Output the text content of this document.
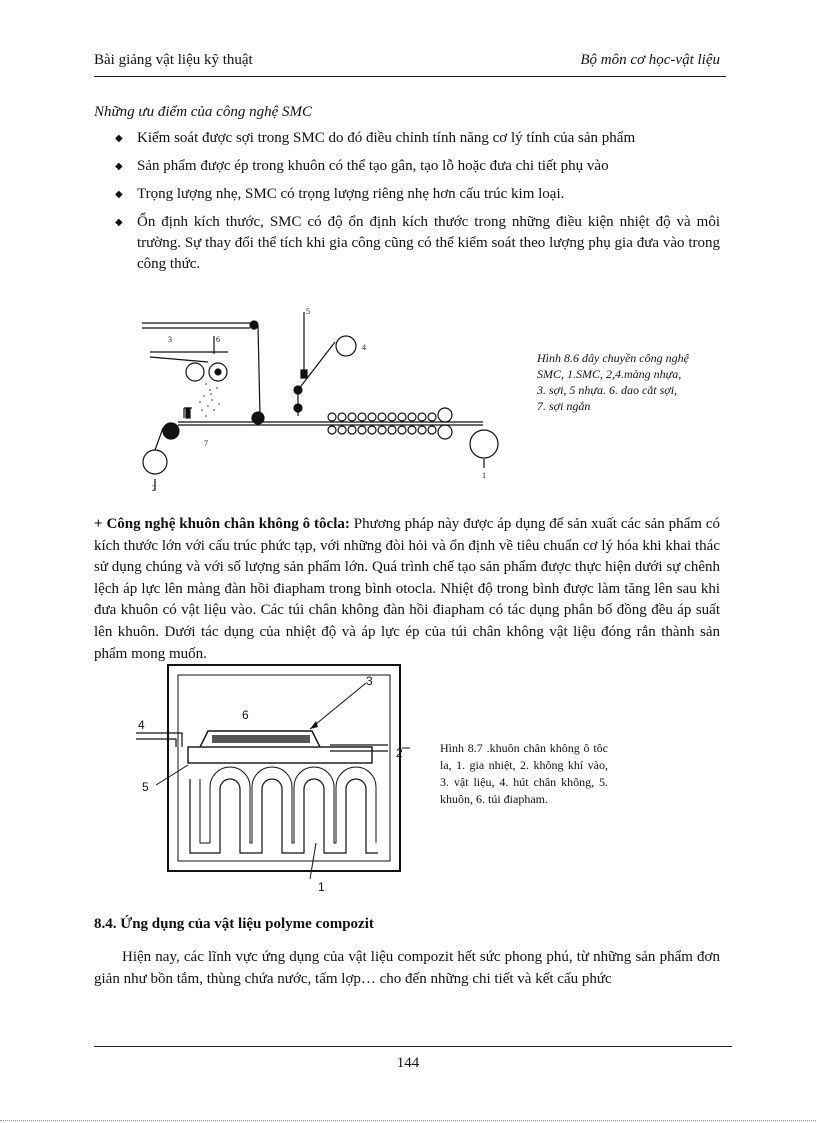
Bài giảng vật liệu kỹ thuật	Bộ môn cơ học-vật liệu
Những ưu điểm của công nghệ SMC
◆ Kiểm soát được sợi trong SMC do đó điều chỉnh tính năng cơ lý tính của sản phẩm
◆ Sản phẩm được ép trong khuôn có thể tạo gân, tạo lỗ hoặc đưa chi tiết phụ vào
◆ Trọng lượng nhẹ, SMC có trọng lượng riêng nhẹ hơn cấu trúc kim loại.
◆ Ổn định kích thước, SMC có độ ổn định kích thước trong những điều kiện nhiệt độ và môi trường. Sự thay đổi thể tích khi gia công cũng có thể kiểm soát theo lượng phụ gia đưa vào trong công thức.
3	6
5
4
7
2
1
Hình 8.6 dây chuyền công nghệ SMC, 1.SMC, 2,4.màng nhựa, 3. sợi, 5 nhựa. 6. dao cắt sợi, 7. sợi ngắn
+ Công nghệ khuôn chân không ô tôcla: Phương pháp này được áp dụng để sản xuất các sản phẩm có kích thước lớn với cấu trúc phức tạp, với những đòi hỏi và ổn định về tiêu chuẩn cơ lý hóa khi khai thác sử dụng chúng và với số lượng sản phẩm lớn. Quá trình chế tạo sản phẩm được thực hiện dưới sự chênh lệch áp lực lên màng đàn hồi điapham trong bình otocla. Nhiệt độ trong bình được làm tăng lên sau khi đưa khuôn có vật liệu vào. Các túi chân không đàn hồi điapham có tác dụng phân bố đồng đều áp suất lên khuôn. Dưới tác dụng của nhiệt độ và áp lực ép của túi chân không vật liệu đóng rắn thành sản phẩm mong muốn.
3
6
4
2
5
1
Hình 8.7 .khuôn chân không ô tôc la, 1. gia nhiệt, 2. không khí vào, 3. vật liệu, 4. hút chân không, 5. khuôn, 6. túi điapham.
8.4. Ứng dụng của vật liệu polyme compozit
Hiện nay, các lĩnh vực ứng dụng của vật liệu compozit hết sức phong phú, từ những sản phẩm đơn giản như bồn tắm, thùng chứa nước, tấm lợp… cho đến những chi tiết và kết cấu phức
144
